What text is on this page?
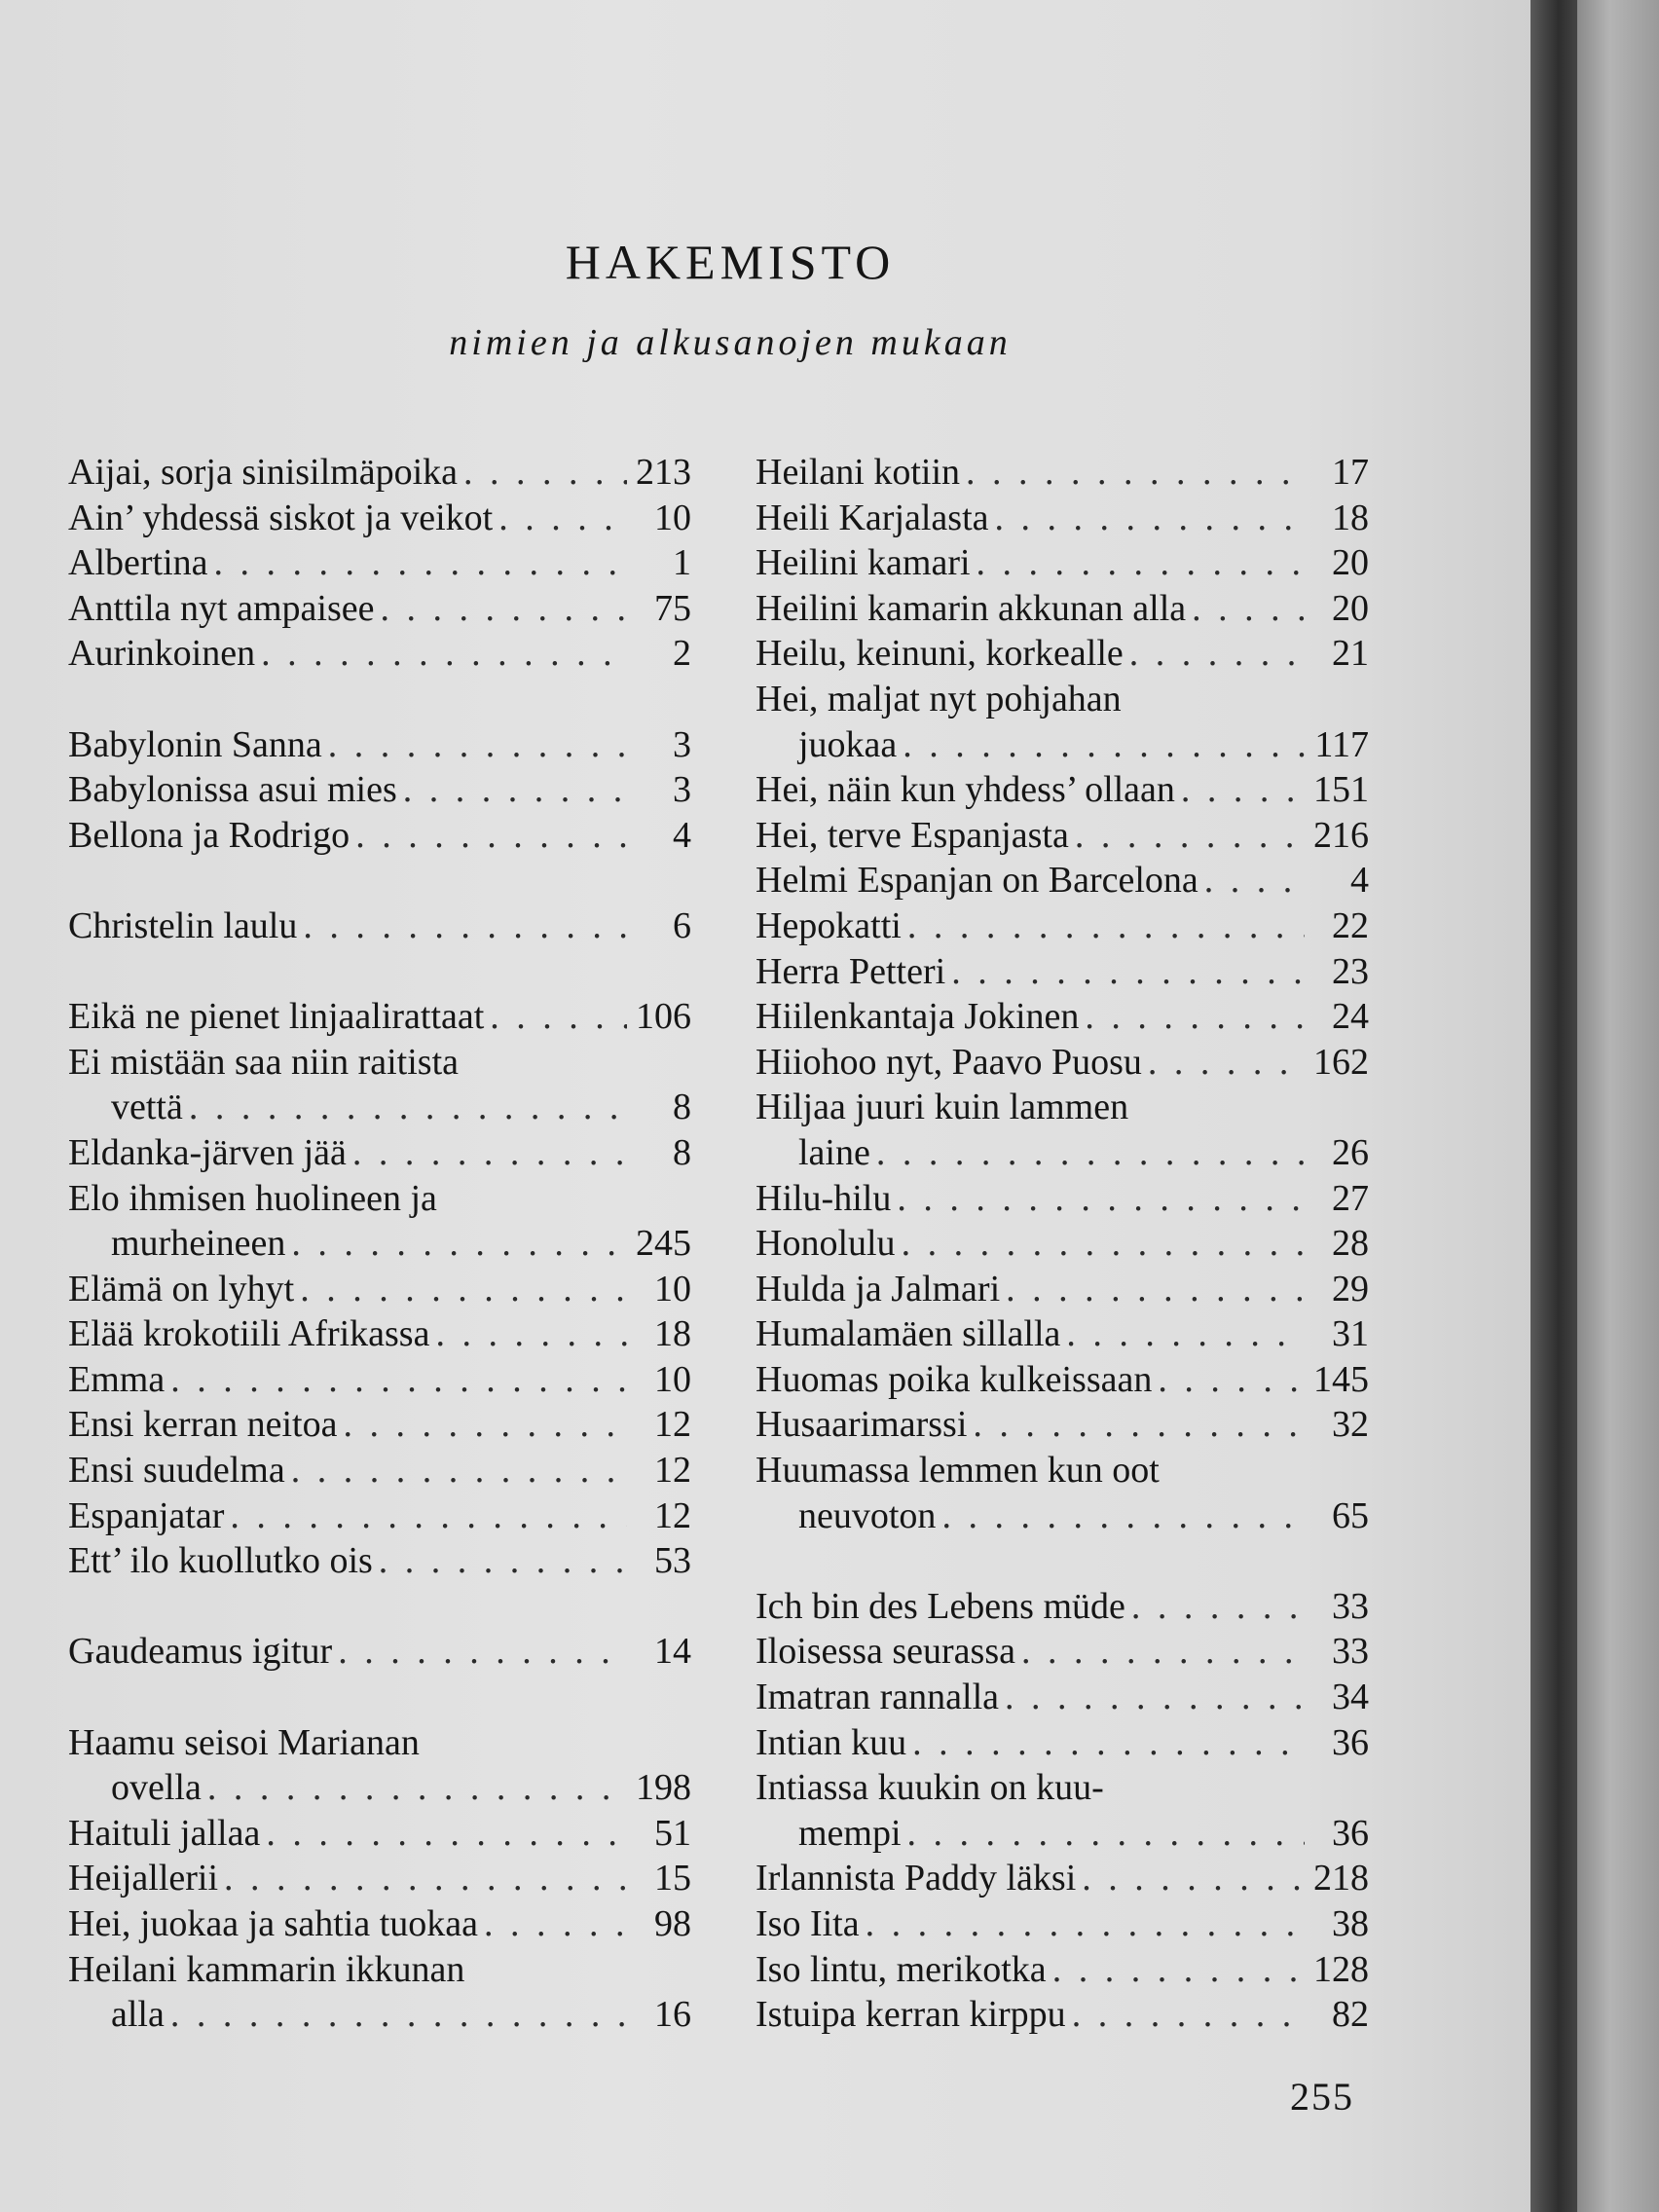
HAKEMISTO
nimien ja alkusanojen mukaan
Aijai, sorja sinisilmäpoika . . .	213
Ain’ yhdessä siskot ja veikot . . .	10
Albertina . . .	1
Anttila nyt ampaisee . . .	75
Aurinkoinen . . .	2
Babylonin Sanna . . .	3
Babylonissa asui mies . . .	3
Bellona ja Rodrigo . . .	4
Christelin laulu . . .	6
Eikä ne pienet linjaalirattaat . . .	106
Ei mistään saa niin raitista
vettä . . .	8
Eldanka-järven jää . . .	8
Elo ihmisen huolineen ja
murheineen . . .	245
Elämä on lyhyt . . .	10
Elää krokotiili Afrikassa . . .	18
Emma . . .	10
Ensi kerran neitoa . . .	12
Ensi suudelma . . .	12
Espanjatar . . .	12
Ett’ ilo kuollutko ois . . .	53
Gaudeamus igitur . . .	14
Haamu seisoi Marianan
ovella . . .	198
Haituli jallaa . . .	51
Heijallerii . . .	15
Hei, juokaa ja sahtia tuokaa . . .	98
Heilani kammarin ikkunan
alla . . .	16
Heilani kotiin . . .	17
Heili Karjalasta . . .	18
Heilini kamari . . .	20
Heilini kamarin akkunan alla . . .	20
Heilu, keinuni, korkealle . . .	21
Hei, maljat nyt pohjahan
juokaa . . .	117
Hei, näin kun yhdess’ ollaan . . .	151
Hei, terve Espanjasta . . .	216
Helmi Espanjan on Barcelona . . .	4
Hepokatti . . .	22
Herra Petteri . . .	23
Hiilenkantaja Jokinen . . .	24
Hiiohoo nyt, Paavo Puosu . . .	162
Hiljaa juuri kuin lammen
laine . . .	26
Hilu-hilu . . .	27
Honolulu . . .	28
Hulda ja Jalmari . . .	29
Humalamäen sillalla . . .	31
Huomas poika kulkeissaan . . .	145
Husaarimarssi . . .	32
Huumassa lemmen kun oot
neuvoton . . .	65
Ich bin des Lebens müde . . .	33
Iloisessa seurassa . . .	33
Imatran rannalla . . .	34
Intian kuu . . .	36
Intiassa kuukin on kuu-
mempi . . .	36
Irlannista Paddy läksi . . .	218
Iso Iita . . .	38
Iso lintu, merikotka . . .	128
Istuipa kerran kirppu . . .	82
255
